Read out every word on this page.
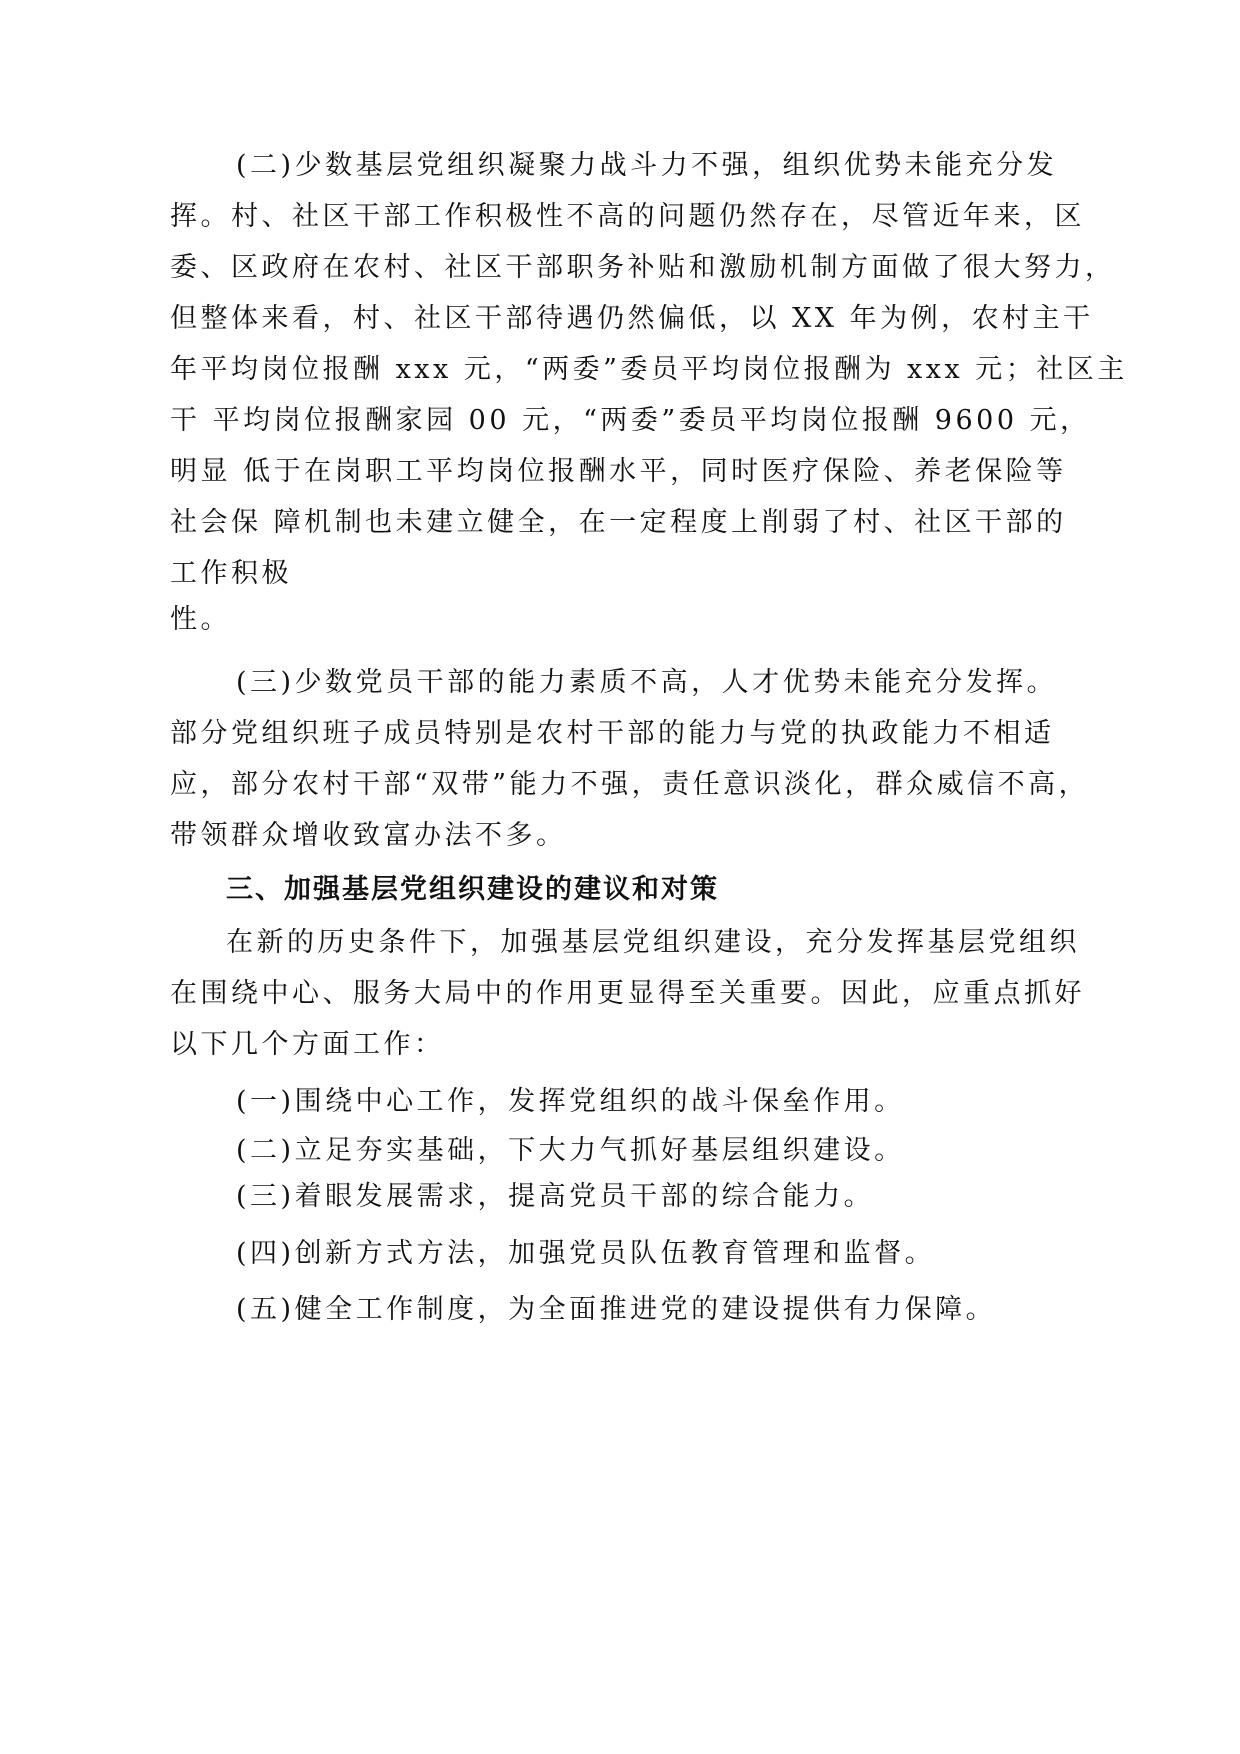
(二)少数基层党组织凝聚力战斗力不强，组织优势未能充分发
挥。村、社区干部工作积极性不高的问题仍然存在，尽管近年来，区
委、区政府在农村、社区干部职务补贴和激励机制方面做了很大努力，
但整体来看，村、社区干部待遇仍然偏低，以 XX 年为例，农村主干
年平均岗位报酬 xxx 元，“两委”委员平均岗位报酬为 xxx 元；社区主
干 平均岗位报酬家园 00 元，“两委”委员平均岗位报酬 9600 元，
明显 低于在岗职工平均岗位报酬水平，同时医疗保险、养老保险等
社会保 障机制也未建立健全，在一定程度上削弱了村、社区干部的
工作积极
性。
(三)少数党员干部的能力素质不高，人才优势未能充分发挥。
部分党组织班子成员特别是农村干部的能力与党的执政能力不相适
应，部分农村干部“双带”能力不强，责任意识淡化，群众威信不高，
带领群众增收致富办法不多。
三、加强基层党组织建设的建议和对策
在新的历史条件下，加强基层党组织建设，充分发挥基层党组织
在围绕中心、服务大局中的作用更显得至关重要。因此，应重点抓好
以下几个方面工作：
(一)围绕中心工作，发挥党组织的战斗保垒作用。
(二)立足夯实基础，下大力气抓好基层组织建设。
(三)着眼发展需求，提高党员干部的综合能力。
(四)创新方式方法，加强党员队伍教育管理和监督。
(五)健全工作制度，为全面推进党的建设提供有力保障。
